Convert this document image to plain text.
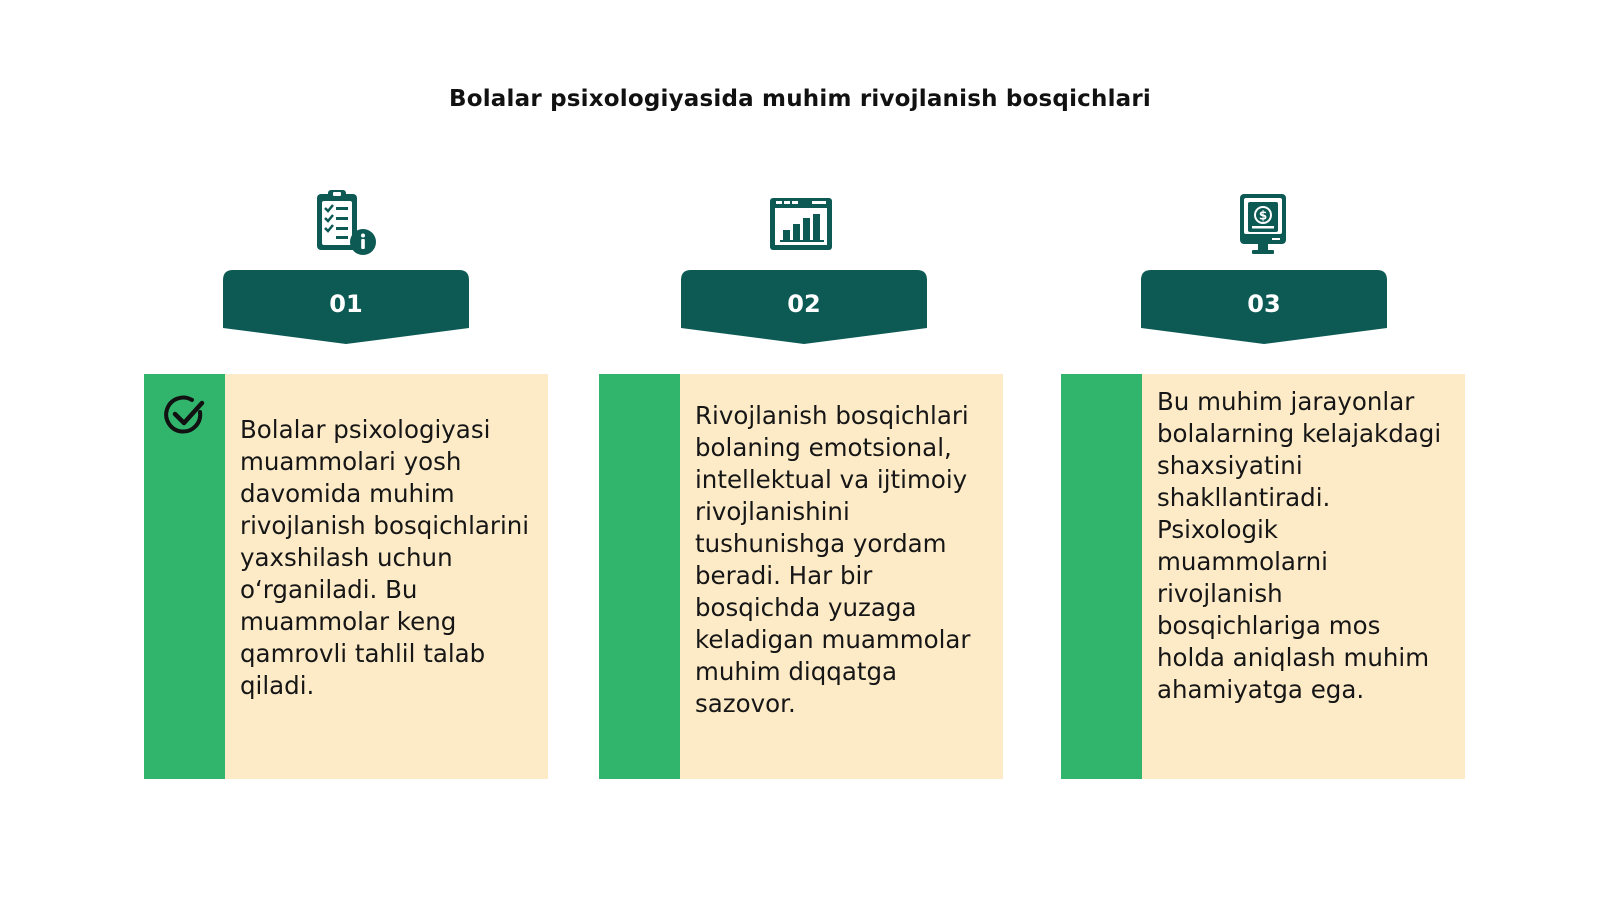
Bolalar psixologiyasida muhim rivojlanish bosqichlari
01

Bolalar psixologiyasi muammolari yosh davomida muhim rivojlanish bosqichlarini yaxshilash uchun o‘rganiladi. Bu muammolar keng qamrovli tahlil talab qiladi.

02

Rivojlanish bosqichlari bolaning emotsional, intellektual va ijtimoiy rivojlanishini tushunishga yordam beradi. Har bir bosqichda yuzaga keladigan muammolar muhim diqqatga sazovor.

$
03

Bu muhim jarayonlar bolalarning kelajakdagi shaxsiyatini shakllantiradi. Psixologik muammolarni rivojlanish bosqichlariga mos holda aniqlash muhim ahamiyatga ega.
